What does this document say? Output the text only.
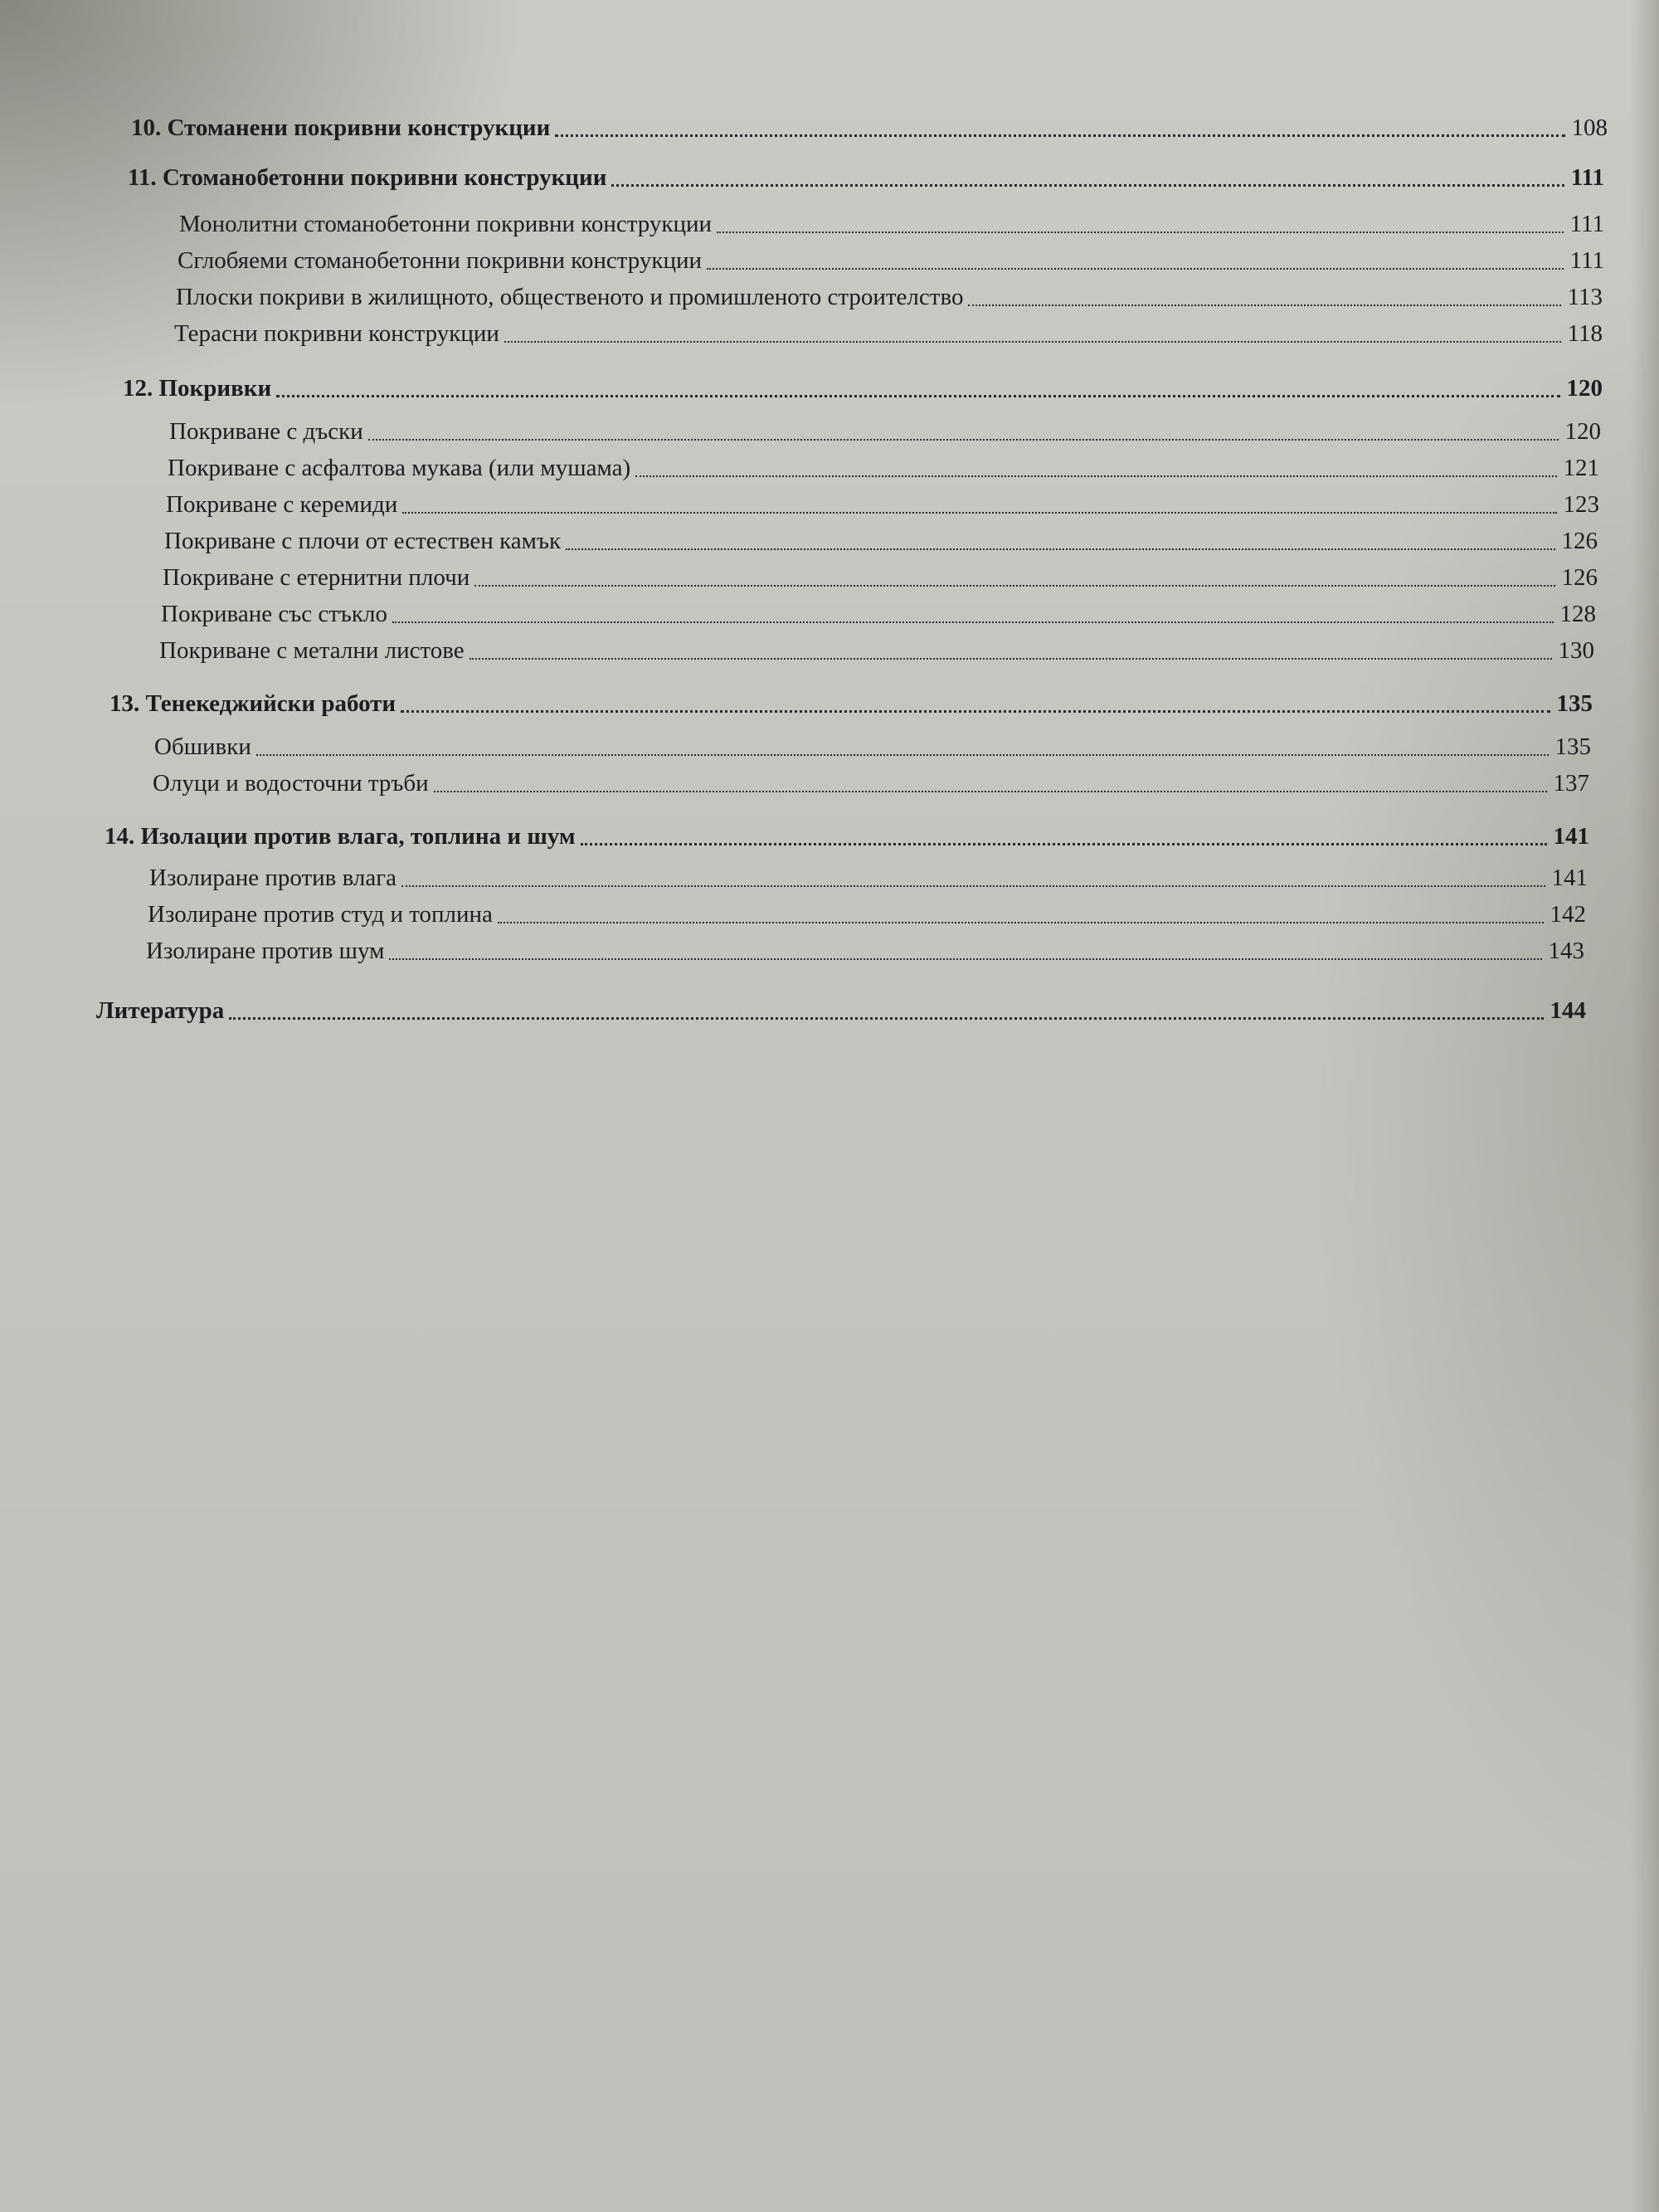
10. Стоманени покривни конструкции	108
11. Стоманобетонни покривни конструкции	111
Монолитни стоманобетонни покривни конструкции	111
Сглобяеми стоманобетонни покривни конструкции	111
Плоски покриви в жилищното, общественото и промишленото строителство	113
Терасни покривни конструкции	118
12. Покривки	120
Покриване с дъски	120
Покриване с асфалтова мукава (или мушама)	121
Покриване с керемиди	123
Покриване с плочи от естествен камък	126
Покриване с етернитни плочи	126
Покриване със стъкло	128
Покриване с метални листове	130
13. Тенекеджийски работи	135
Обшивки	135
Олуци и водосточни тръби	137
14. Изолации против влага, топлина и шум	141
Изолиране против влага	141
Изолиране против студ и топлина	142
Изолиране против шум	143
Литература	144
